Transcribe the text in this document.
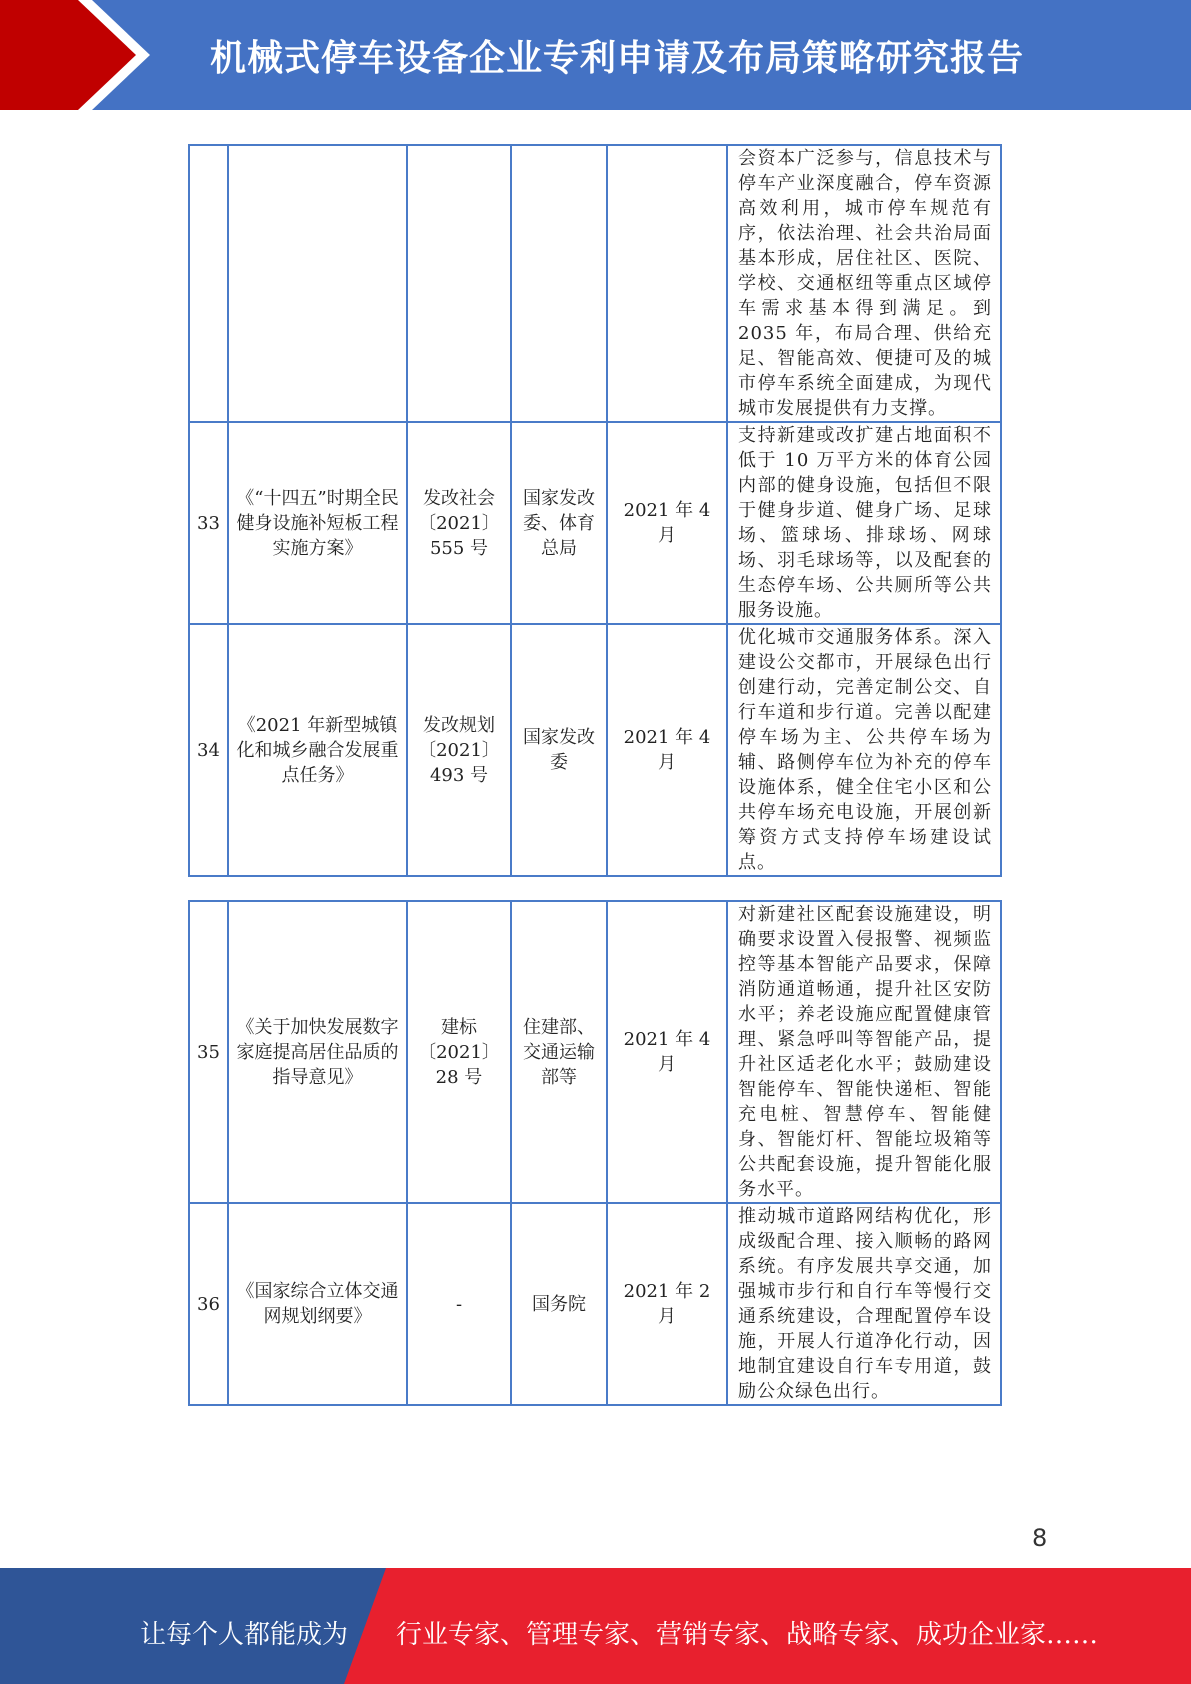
机械式停车设备企业专利申请及布局策略研究报告
					会资本广泛参与，信息技术与停车产业深度融合，停车资源高效利用，城市停车规范有序，依法治理、社会共治局面基本形成，居住社区、医院、学校、交通枢纽等重点区域停车需求基本得到满足。到 2035 年，布局合理、供给充足、智能高效、便捷可及的城市停车系统全面建成，为现代城市发展提供有力支撑。
33	《“十四五”时期全民健身设施补短板工程实施方案》	发改社会〔2021〕555 号	国家发改委、体育总局	2021 年 4 月	支持新建或改扩建占地面积不低于 10 万平方米的体育公园内部的健身设施，包括但不限于健身步道、健身广场、足球场、篮球场、排球场、网球场、羽毛球场等，以及配套的生态停车场、公共厕所等公共服务设施。
34	《2021 年新型城镇化和城乡融合发展重点任务》	发改规划〔2021〕493 号	国家发改委	2021 年 4 月	优化城市交通服务体系。深入建设公交都市，开展绿色出行创建行动，完善定制公交、自行车道和步行道。完善以配建停车场为主、公共停车场为辅、路侧停车位为补充的停车设施体系，健全住宅小区和公共停车场充电设施，开展创新筹资方式支持停车场建设试点。
35	《关于加快发展数字家庭提高居住品质的指导意见》	建标〔2021〕28 号	住建部、交通运输部等	2021 年 4 月	对新建社区配套设施建设，明确要求设置入侵报警、视频监控等基本智能产品要求，保障消防通道畅通，提升社区安防水平；养老设施应配置健康管理、紧急呼叫等智能产品，提升社区适老化水平；鼓励建设智能停车、智能快递柜、智能充电桩、智慧停车、智能健身、智能灯杆、智能垃圾箱等公共配套设施，提升智能化服务水平。
36	《国家综合立体交通网规划纲要》	-	国务院	2021 年 2 月	推动城市道路网结构优化，形成级配合理、接入顺畅的路网系统。有序发展共享交通，加强城市步行和自行车等慢行交通系统建设，合理配置停车设施，开展人行道净化行动，因地制宜建设自行车专用道，鼓励公众绿色出行。
8
让每个人都能成为 行业专家、管理专家、营销专家、战略专家、成功企业家……
